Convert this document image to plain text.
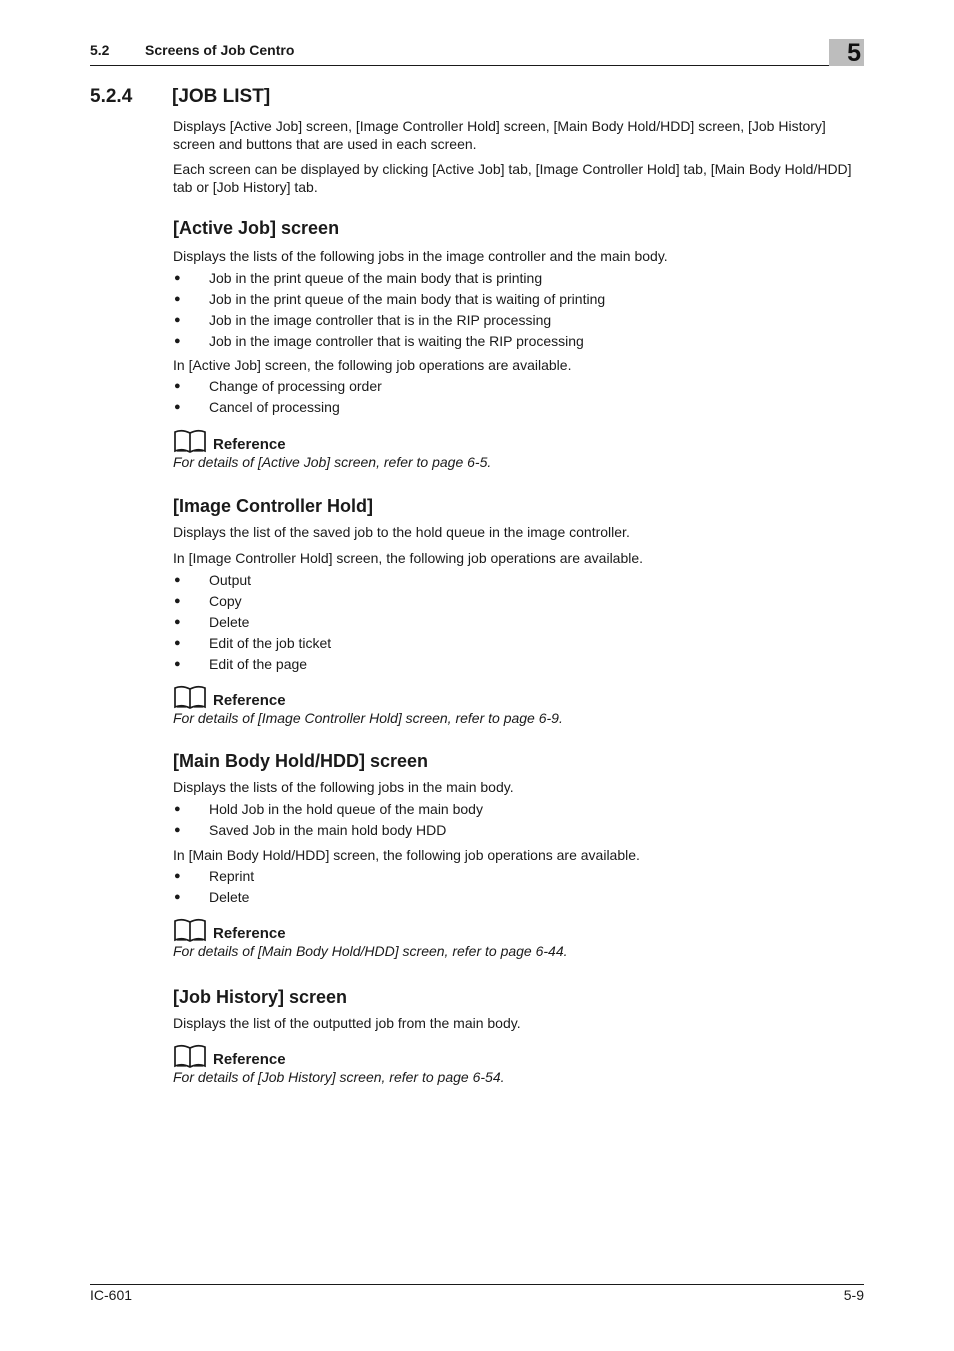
5.2	Screens of Job Centro	5
5.2.4 [JOB LIST]

Displays [Active Job] screen, [Image Controller Hold] screen, [Main Body Hold/HDD] screen, [Job History] screen and buttons that are used in each screen.

Each screen can be displayed by clicking [Active Job] tab, [Image Controller Hold] tab, [Main Body Hold/HDD] tab or [Job History] tab.

[Active Job] screen

Displays the lists of the following jobs in the image controller and the main body.

● Job in the print queue of the main body that is printing
● Job in the print queue of the main body that is waiting of printing
● Job in the image controller that is in the RIP processing
● Job in the image controller that is waiting the RIP processing

In [Active Job] screen, the following job operations are available.

● Change of processing order
● Cancel of processing
Reference

For details of [Active Job] screen, refer to page 6-5.

[Image Controller Hold]

Displays the list of the saved job to the hold queue in the image controller.

In [Image Controller Hold] screen, the following job operations are available.

● Output
● Copy
● Delete
● Edit of the job ticket
● Edit of the page
Reference

For details of [Image Controller Hold] screen, refer to page 6-9.

[Main Body Hold/HDD] screen

Displays the lists of the following jobs in the main body.

● Hold Job in the hold queue of the main body
● Saved Job in the main hold body HDD

In [Main Body Hold/HDD] screen, the following job operations are available.

● Reprint
● Delete
Reference

For details of [Main Body Hold/HDD] screen, refer to page 6-44.

[Job History] screen

Displays the list of the outputted job from the main body.

Reference

For details of [Job History] screen, refer to page 6-54.

IC-601	5-9
